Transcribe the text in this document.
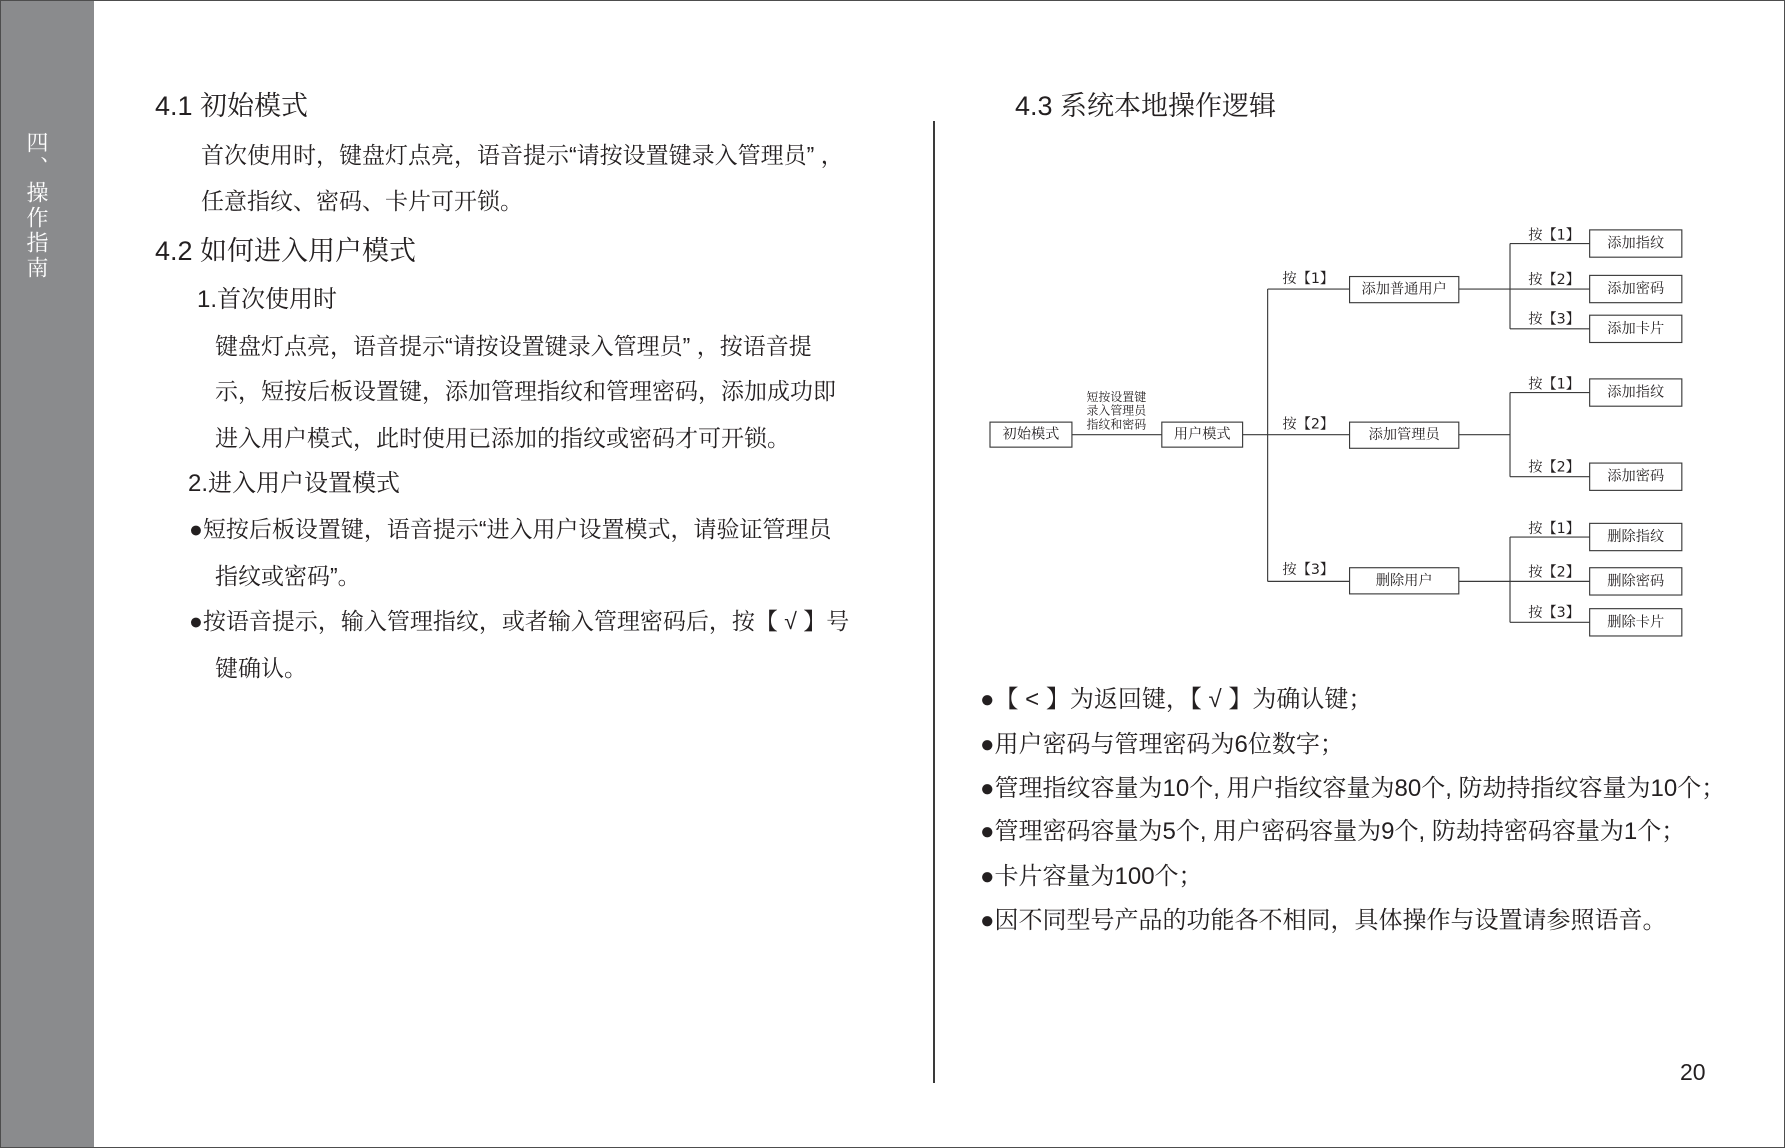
四、操作指南
4.1 初始模式
首次使用时，键盘灯点亮，语音提示“请按设置键录入管理员” ，
任意指纹、密码、卡片可开锁。
4.2 如何进入用户模式
1.首次使用时
键盘灯点亮，语音提示“请按设置键录入管理员” ，按语音提
示，短按后板设置键，添加管理指纹和管理密码，添加成功即
进入用户模式，此时使用已添加的指纹或密码才可开锁。
2.进入用户设置模式
●短按后板设置键，语音提示“进入用户设置模式，请验证管理员
指纹或密码”。
●按语音提示，输入管理指纹，或者输入管理密码后，按【 √ 】号
键确认。
4.3 系统本地操作逻辑
初始模式
短按设置键
录入管理员
指纹和密码
用户模式
按【1】
添加普通用户
按【2】
添加管理员
按【3】
删除用户
按【1】 添加指纹
按【2】
添加密码
按【3】
添加卡片
按【1】 添加指纹
按【2】
添加密码
按【1】 删除指纹
按【2】
删除密码
按【3】
删除卡片
●【 < 】为返回键，【 √ 】为确认键；
●用户密码与管理密码为6位数字；
●管理指纹容量为10个, 用户指纹容量为80个, 防劫持指纹容量为10个；
●管理密码容量为5个, 用户密码容量为9个, 防劫持密码容量为1个；
●卡片容量为100个；
●因不同型号产品的功能各不相同，具体操作与设置请参照语音。
20
